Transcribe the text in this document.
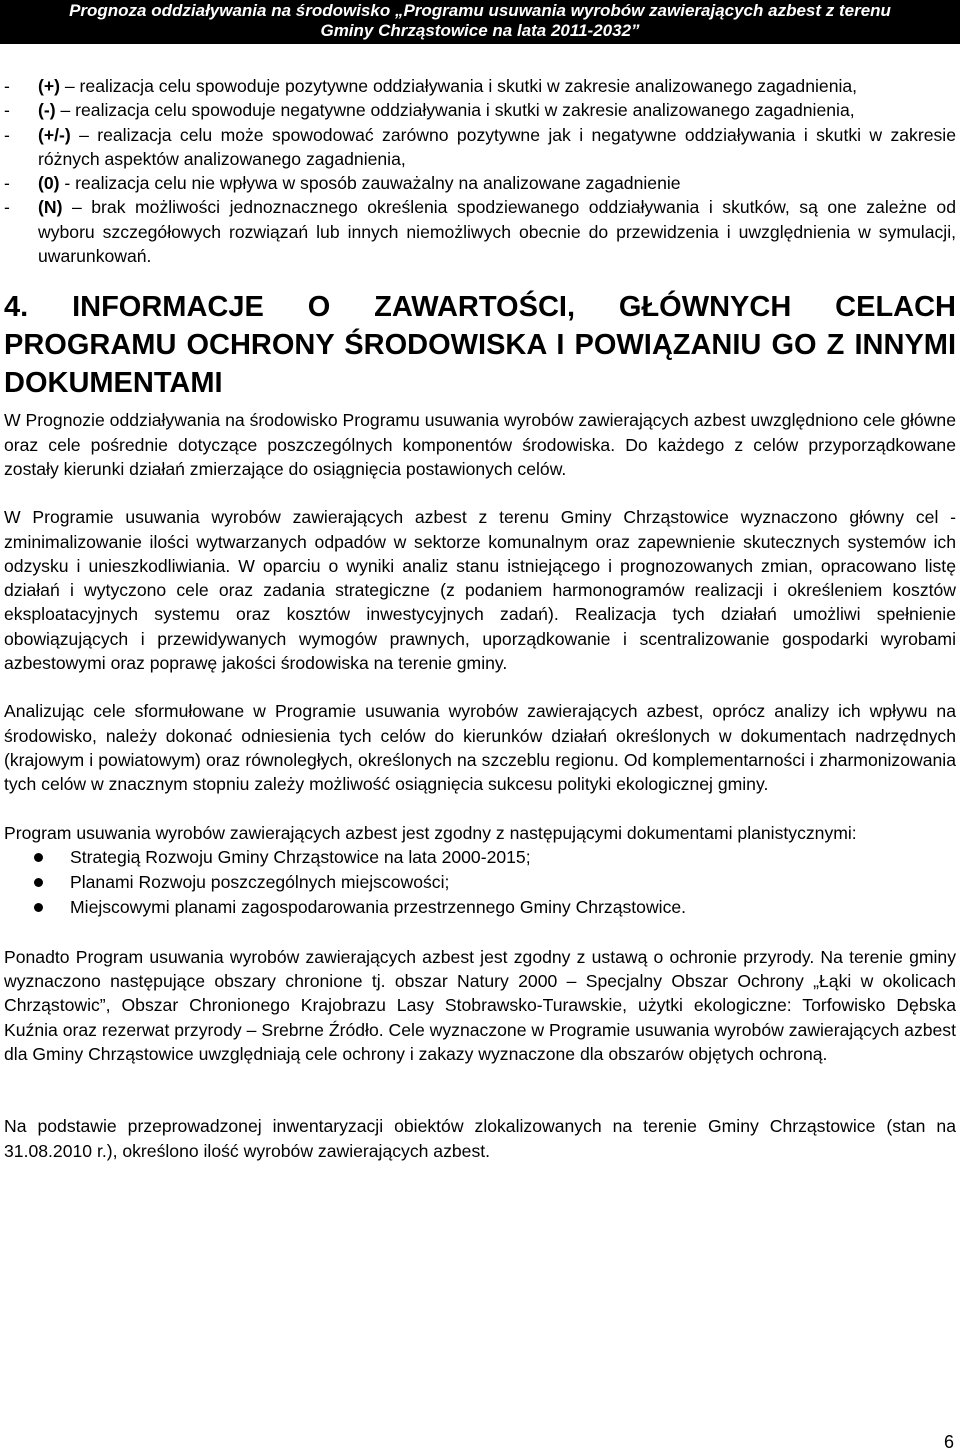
Prognoza oddziaływania na środowisko „Programu usuwania wyrobów zawierających azbest z terenu
Gminy Chrząstowice na lata 2011-2032”
-	(+) – realizacja celu spowoduje pozytywne oddziaływania i skutki w zakresie analizowanego zagadnienia,
-	(-) – realizacja celu spowoduje negatywne oddziaływania i skutki w zakresie analizowanego zagadnienia,
-	(+/-) – realizacja celu może spowodować zarówno pozytywne jak i negatywne oddziaływania i skutki w zakresie różnych aspektów analizowanego zagadnienia,
-	(0) - realizacja celu nie wpływa w sposób zauważalny na analizowane zagadnienie
-	(N) – brak możliwości jednoznacznego określenia spodziewanego oddziaływania i skutków, są one zależne od wyboru szczegółowych rozwiązań lub innych niemożliwych obecnie do przewidzenia i uwzględnienia w symulacji, uwarunkowań.
4. INFORMACJE O ZAWARTOŚCI, GŁÓWNYCH CELACH PROGRAMU OCHRONY ŚRODOWISKA I POWIĄZANIU GO Z INNYMI DOKUMENTAMI

W Prognozie oddziaływania na środowisko Programu usuwania wyrobów zawierających azbest uwzględniono cele główne oraz cele pośrednie dotyczące poszczególnych komponentów środowiska. Do każdego z celów przyporządkowane zostały kierunki działań zmierzające do osiągnięcia postawionych celów.

W Programie usuwania wyrobów zawierających azbest z terenu Gminy Chrząstowice wyznaczono główny cel - zminimalizowanie ilości wytwarzanych odpadów w sektorze komunalnym oraz zapewnienie skutecznych systemów ich odzysku i unieszkodliwiania. W oparciu o wyniki analiz stanu istniejącego i prognozowanych zmian, opracowano listę działań i wytyczono cele oraz zadania strategiczne (z podaniem harmonogramów realizacji i określeniem kosztów eksploatacyjnych systemu oraz kosztów inwestycyjnych zadań). Realizacja tych działań umożliwi spełnienie obowiązujących i przewidywanych wymogów prawnych, uporządkowanie i scentralizowanie gospodarki wyrobami azbestowymi oraz poprawę jakości środowiska na terenie gminy.

Analizując cele sformułowane w Programie usuwania wyrobów zawierających azbest, oprócz analizy ich wpływu na środowisko, należy dokonać odniesienia tych celów do kierunków działań określonych w dokumentach nadrzędnych (krajowym i powiatowym) oraz równoległych, określonych na szczeblu regionu. Od komplementarności i zharmonizowania tych celów w znacznym stopniu zależy możliwość osiągnięcia sukcesu polityki ekologicznej gminy.

Program usuwania wyrobów zawierających azbest jest zgodny z następującymi dokumentami planistycznymi:

Strategią Rozwoju Gminy Chrząstowice na lata 2000-2015;
Planami Rozwoju poszczególnych miejscowości;
Miejscowymi planami zagospodarowania przestrzennego Gminy Chrząstowice.

Ponadto Program usuwania wyrobów zawierających azbest jest zgodny z ustawą o ochronie przyrody. Na terenie gminy wyznaczono następujące obszary chronione tj. obszar Natury 2000 – Specjalny Obszar Ochrony „Łąki w okolicach Chrząstowic”, Obszar Chronionego Krajobrazu Lasy Stobrawsko-Turawskie, użytki ekologiczne: Torfowisko Dębska Kuźnia oraz rezerwat przyrody – Srebrne Źródło. Cele wyznaczone w Programie usuwania wyrobów zawierających azbest dla Gminy Chrząstowice uwzględniają cele ochrony i zakazy wyznaczone dla obszarów objętych ochroną.

Na podstawie przeprowadzonej inwentaryzacji obiektów zlokalizowanych na terenie Gminy Chrząstowice (stan na 31.08.2010 r.), określono ilość wyrobów zawierających azbest.

6
